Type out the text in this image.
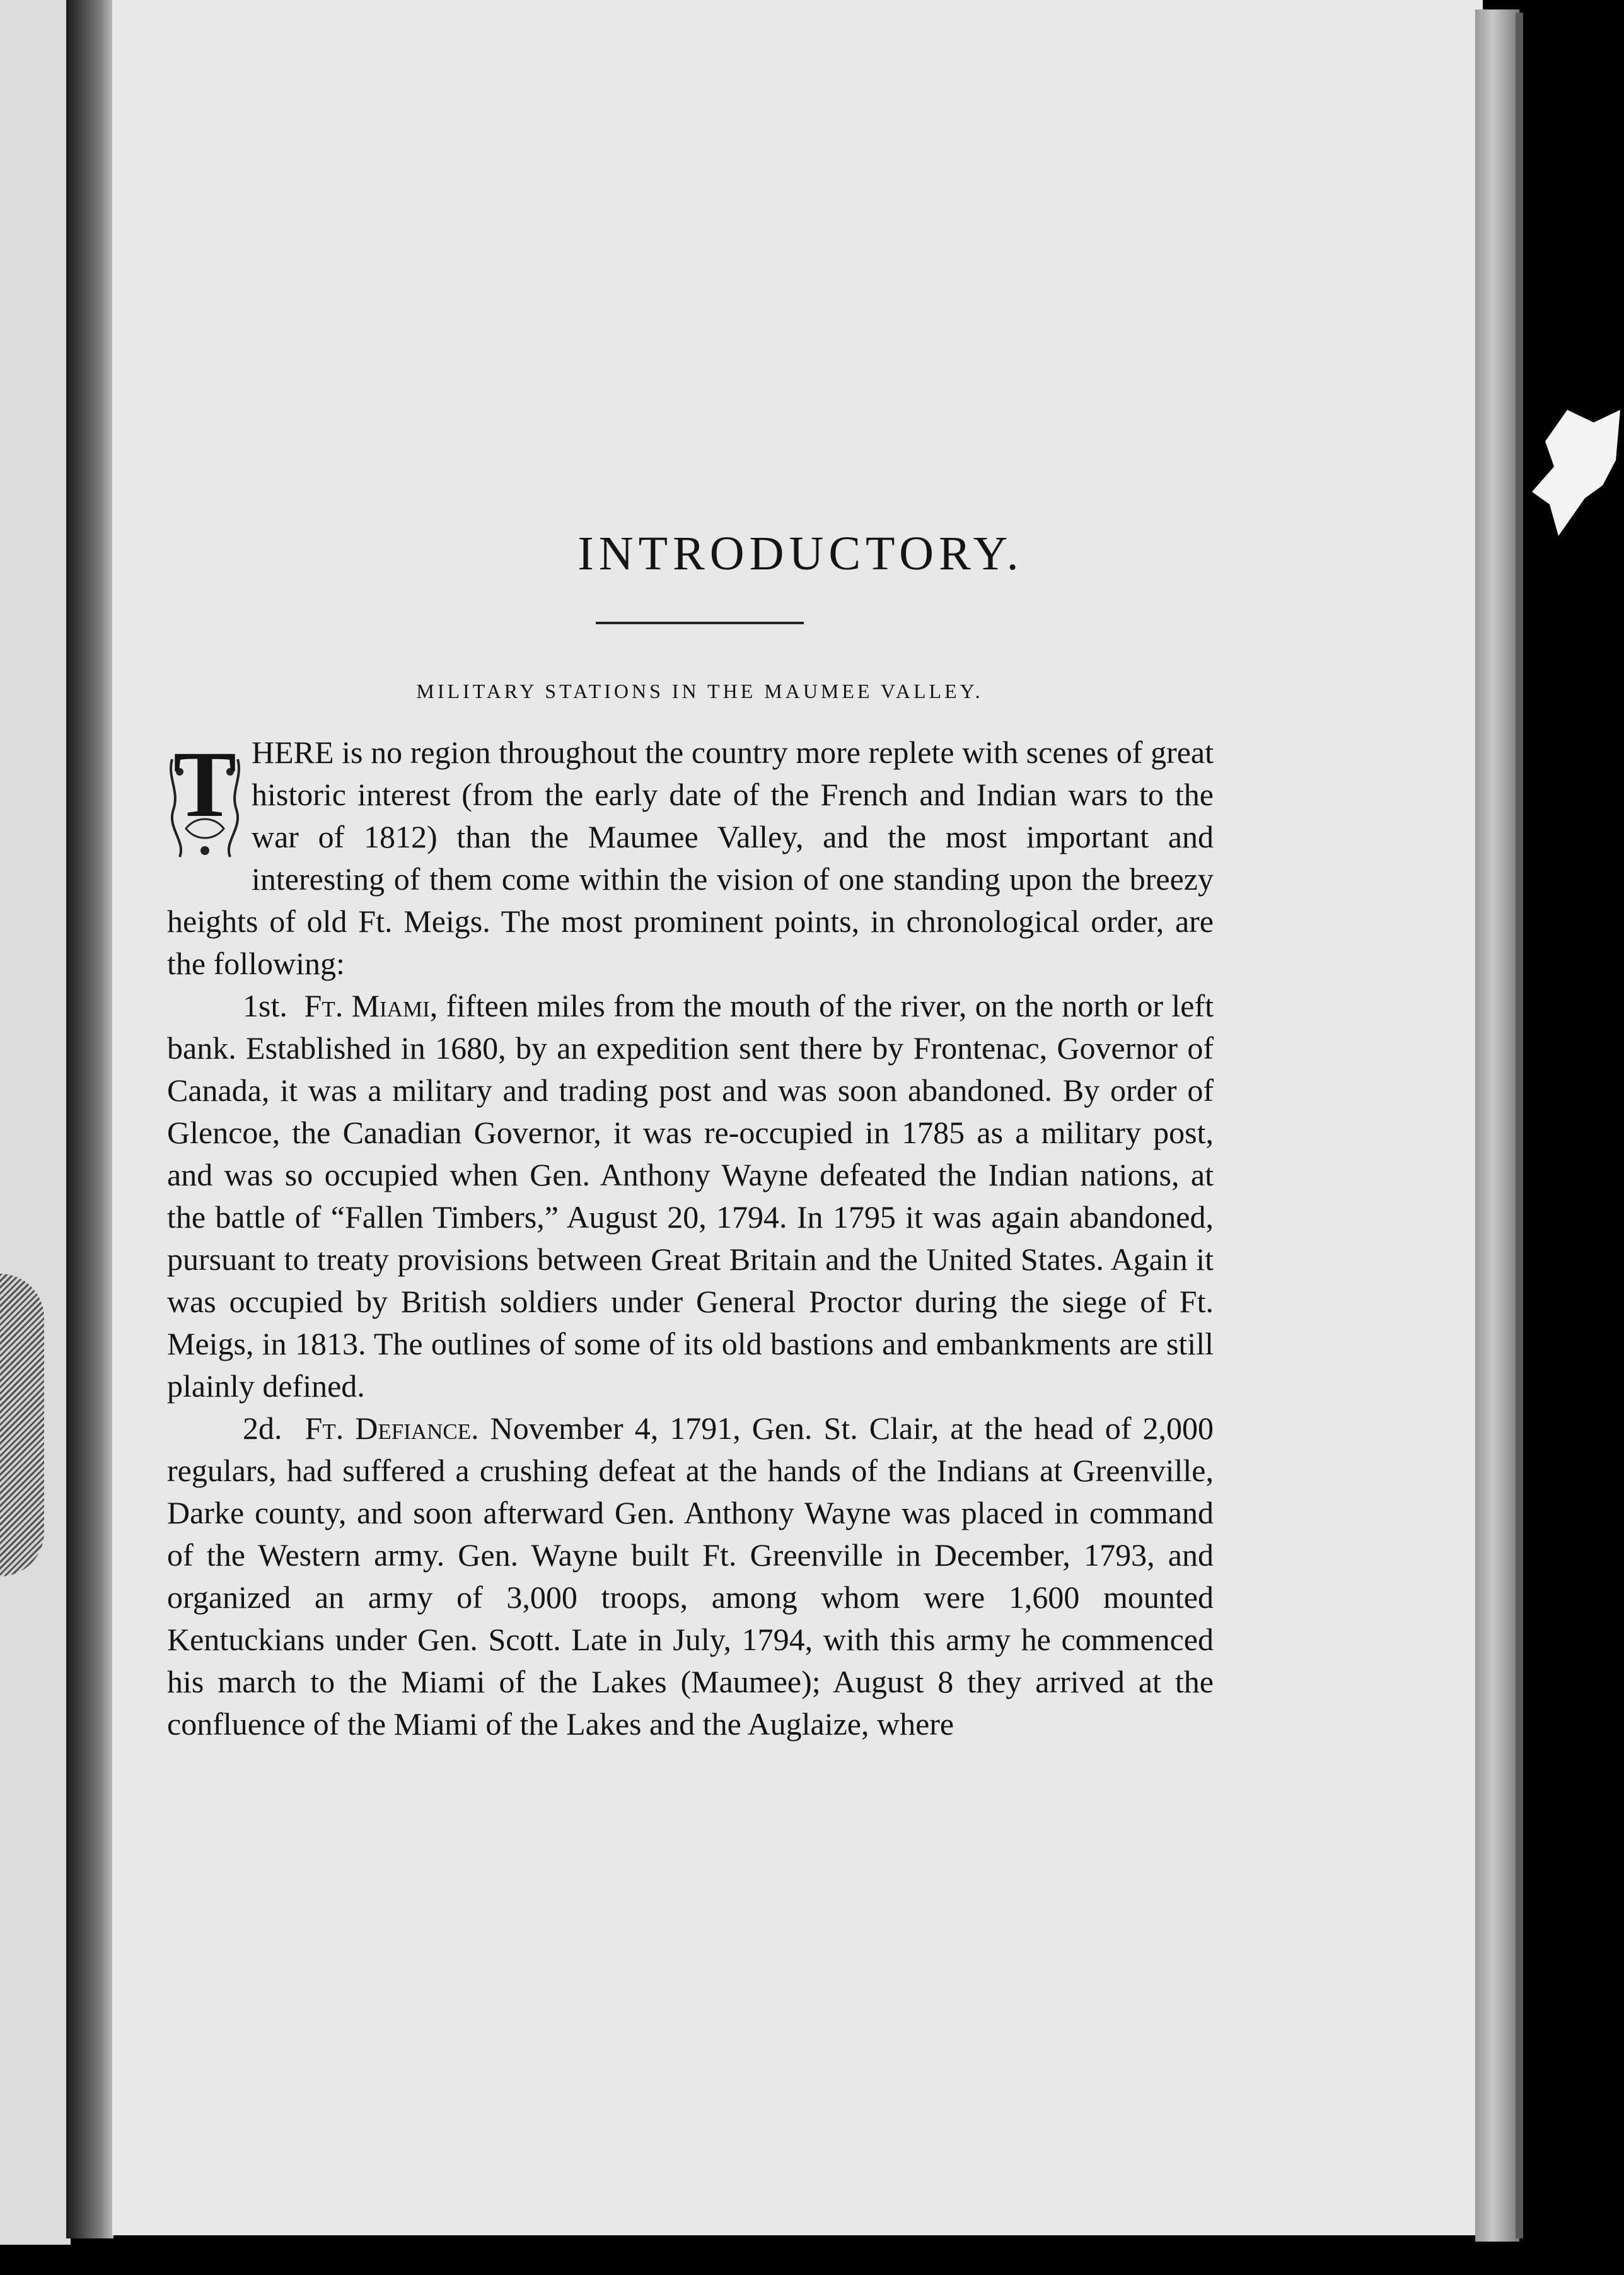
INTRODUCTORY.
MILITARY STATIONS IN THE MAUMEE VALLEY.

T HERE is no region throughout the country more replete with scenes of great historic interest (from the early date of the French and Indian wars to the war of 1812) than the Maumee Valley, and the most important and interesting of them come within the vision of one standing upon the breezy heights of old Ft. Meigs. The most prominent points, in chronological order, are the following:

1st. Ft. Miami, fifteen miles from the mouth of the river, on the north or left bank. Established in 1680, by an expedition sent there by Frontenac, Governor of Canada, it was a military and trading post and was soon abandoned. By order of Glencoe, the Canadian Governor, it was re-occupied in 1785 as a military post, and was so occupied when Gen. Anthony Wayne defeated the Indian nations, at the battle of “Fallen Timbers,” August 20, 1794. In 1795 it was again abandoned, pursuant to treaty provisions between Great Britain and the United States. Again it was occupied by British soldiers under General Proctor during the siege of Ft. Meigs, in 1813. The outlines of some of its old bastions and embankments are still plainly defined.

2d. Ft. Defiance. November 4, 1791, Gen. St. Clair, at the head of 2,000 regulars, had suffered a crushing defeat at the hands of the Indians at Greenville, Darke county, and soon afterward Gen. Anthony Wayne was placed in command of the Western army. Gen. Wayne built Ft. Greenville in December, 1793, and organized an army of 3,000 troops, among whom were 1,600 mounted Kentuckians under Gen. Scott. Late in July, 1794, with this army he commenced his march to the Miami of the Lakes (Maumee); August 8 they arrived at the confluence of the Miami of the Lakes and the Auglaize, where
